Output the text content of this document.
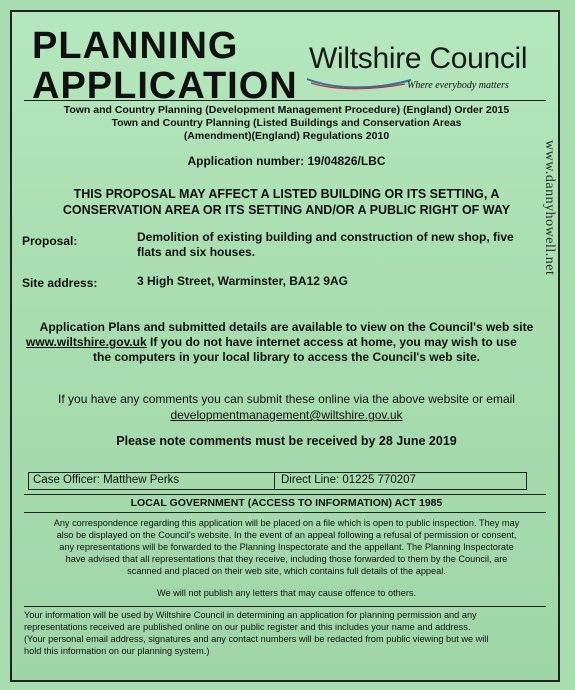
PLANNING
APPLICATION
Wiltshire Council
Where everybody matters
Town and Country Planning (Development Management Procedure) (England) Order 2015
Town and Country Planning (Listed Buildings and Conservation Areas
(Amendment)(England) Regulations 2010
Application number: 19/04826/LBC
THIS PROPOSAL MAY AFFECT A LISTED BUILDING OR ITS SETTING, A
CONSERVATION AREA OR ITS SETTING AND/OR A PUBLIC RIGHT OF WAY
Proposal:	Demolition of existing building and construction of new shop, five
flats and six houses.
Site address:	3 High Street, Warminster, BA12 9AG
Application Plans and submitted details are available to view on the Council's web site
www.wiltshire.gov.uk If you do not have internet access at home, you may wish to use
the computers in your local library to access the Council's web site.
If you have any comments you can submit these online via the above website or email
developmentmanagement@wiltshire.gov.uk
Please note comments must be received by 28 June 2019
Case Officer: Matthew Perks	Direct Line: 01225 770207
LOCAL GOVERNMENT (ACCESS TO INFORMATION) ACT 1985
Any correspondence regarding this application will be placed on a file which is open to public inspection. They may
also be displayed on the Council's website. In the event of an appeal following a refusal of permission or consent,
any representations will be forwarded to the Planning Inspectorate and the appellant. The Planning Inspectorate
have advised that all representations that they receive, including those forwarded to them by the Council, are
scanned and placed on their web site, which contains full details of the appeal.
We will not publish any letters that may cause offence to others.
Your information will be used by Wiltshire Council in determining an application for planning permission and any
representations received are published online on our public register and this includes your name and address.
(Your personal email address, signatures and any contact numbers will be redacted from public viewing but we will
hold this information on our planning system.)
www.dannyhowell.net
